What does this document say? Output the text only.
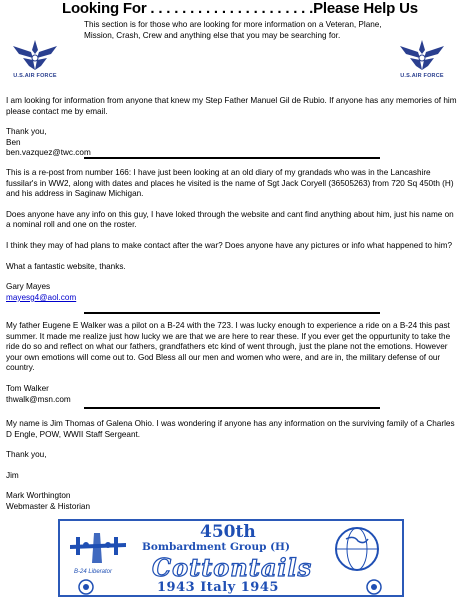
Looking For . . . . . . . . . . . . . . . . . . . . .Please Help Us
This section is for those who are looking for more information on a Veteran, Plane, Mission, Crash, Crew and anything else that you may be searching for.
U.S.AIR FORCE	U.S.AIR FORCE

I am looking for information from anyone that knew my Step Father Manuel Gil de Rubio. If anyone has any memories of him please contact me by email.

Thank you,

Ben

ben.vazquez@twc.com

This is a re-post from number 166: I have just been looking at an old diary of my grandads who was in the Lancashire fussilar's in WW2, along with dates and places he visited is the name of Sgt Jack Coryell (36505263) from 720 Sq 450th (H) and his address in Saginaw Michigan.

Does anyone have any info on this guy, I have loked through the website and cant find anything about him, just his name on a nominal roll and one on the roster.

I think they may of had plans to make contact after the war? Does anyone have any pictures or info what happened to him?

What a fantastic website, thanks.

Gary Mayes

mayesg4@aol.com

My father Eugene E Walker was a pilot on a B-24 with the 723. I was lucky enough to experience a ride on a B-24 this past summer. It made me realize just how lucky we are that we are here to rear these. If you ever get the oppurtunity to take the ride do so and reflect on what our fathers, grandfathers etc kind of went through, just the plane not the emotions. However your own emotions will come out to. God Bless all our men and women who were, and are in, the military defense of our country.

Tom Walker

thwalk@msn.com

My name is Jim Thomas of Galena Ohio. I was wondering if anyone has any information on the surviving family of a Charles D Engle, POW, WWII Staff Sergeant.

Thank you,

Jim

Mark Worthington

Webmaster & Historian

B-24 Liberator
450th
Bombardment Group (H)
Cottontails
1943 Italy 1945
